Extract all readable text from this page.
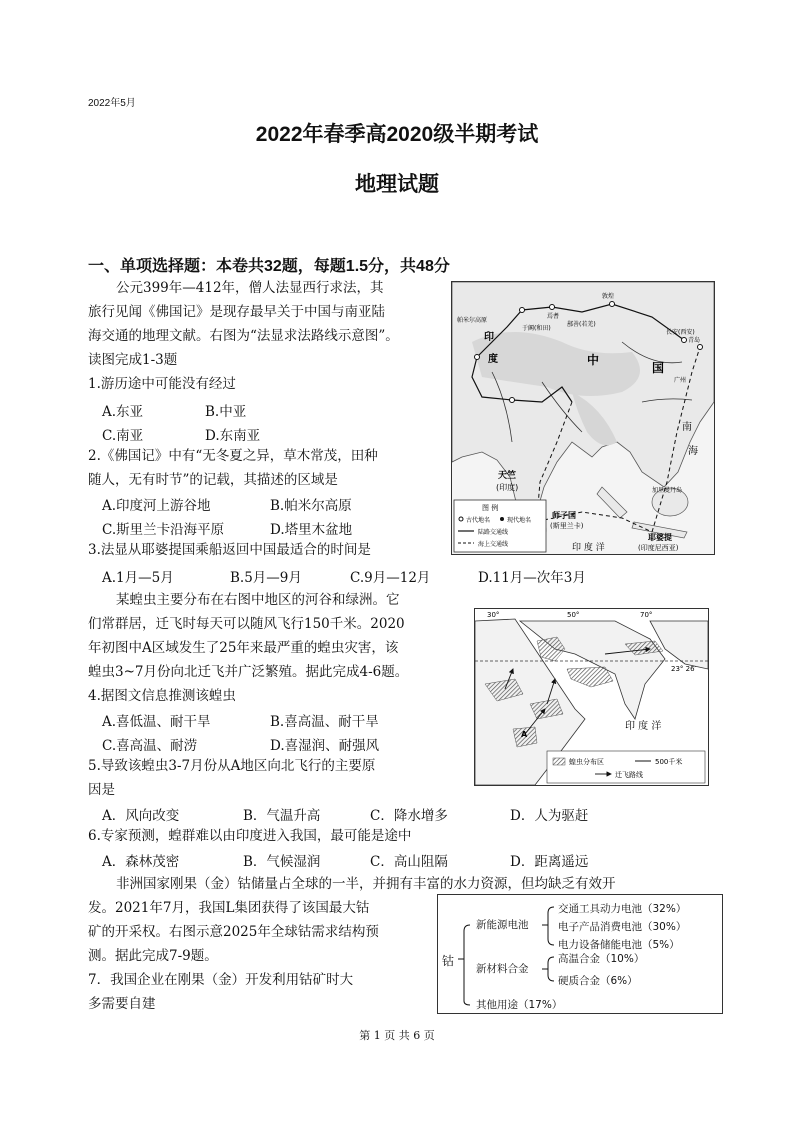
2022年5月
2022年春季高2020级半期考试
地理试题
一、单项选择题：本卷共32题，每题1.5分，共48分
公元399年—412年，僧人法显西行求法，其
旅行见闻《佛国记》是现存最早关于中国与南亚陆
海交通的地理文献。右图为“法显求法路线示意图”。
读图完成1-3题
1.游历途中可能没有经过
A.东亚	B.中亚
C.南亚	D.东南亚
2.《佛国记》中有“无冬夏之异，草木常茂，田种
随人，无有时节”的记载，其描述的区域是
A.印度河上游谷地	B.帕米尔高原
C.斯里兰卡沿海平原	D.塔里木盆地
3.法显从耶婆提国乘船返回中国最适合的时间是
A.1月—5月	B.5月—9月	C.9月—12月	D.11月—次年3月
帕米尔高原
于阗(和田)
焉耆
鄯善(若羌)
敦煌
长安(西安)
青岛
广州
印
度	中
国
天竺
(印度)
师子国
(斯里兰卡)
耶婆提
(印度尼西亚)
印 度 洋
南
海
加里曼丹岛
图 例
古代地名	现代地名
陆路交通线
海上交通线
某蝗虫主要分布在右图中地区的河谷和绿洲。它
们常群居，迁飞时每天可以随风飞行150千米。2020
年初图中A区域发生了25年来最严重的蝗虫灾害，该
蝗虫3~7月份向北迁飞并广泛繁殖。据此完成4-6题。
4.据图文信息推测该蝗虫
A.喜低温、耐干旱	B.喜高温、耐干旱
C.喜高温、耐涝	D.喜湿润、耐强风
5.导致该蝗虫3-7月份从A地区向北飞行的主要原
因是
A．风向改变	B．气温升高	C．降水增多	D．人为驱赶
30°	50°	70°
23° 26′
A
印 度 洋
蝗虫分布区	500千米
迁飞路线
6.专家预测，蝗群难以由印度进入我国，最可能是途中
A．森林茂密	B．气候湿润	C．高山阻隔	D．距离遥远
非洲国家刚果（金）钴储量占全球的一半，并拥有丰富的水力资源，但均缺乏有效开
发。2021年7月，我国L集团获得了该国最大钴
矿的开采权。右图示意2025年全球钴需求结构预
测。据此完成7-9题。
7．我国企业在刚果（金）开发利用钴矿时大
多需要自建
钴
新能源电池
交通工具动力电池（32%）
电子产品消费电池（30%）
电力设备储能电池（5%）
新材料合金
高温合金（10%）
硬质合金（6%）
其他用途（17%）
第 1 页 共 6 页
